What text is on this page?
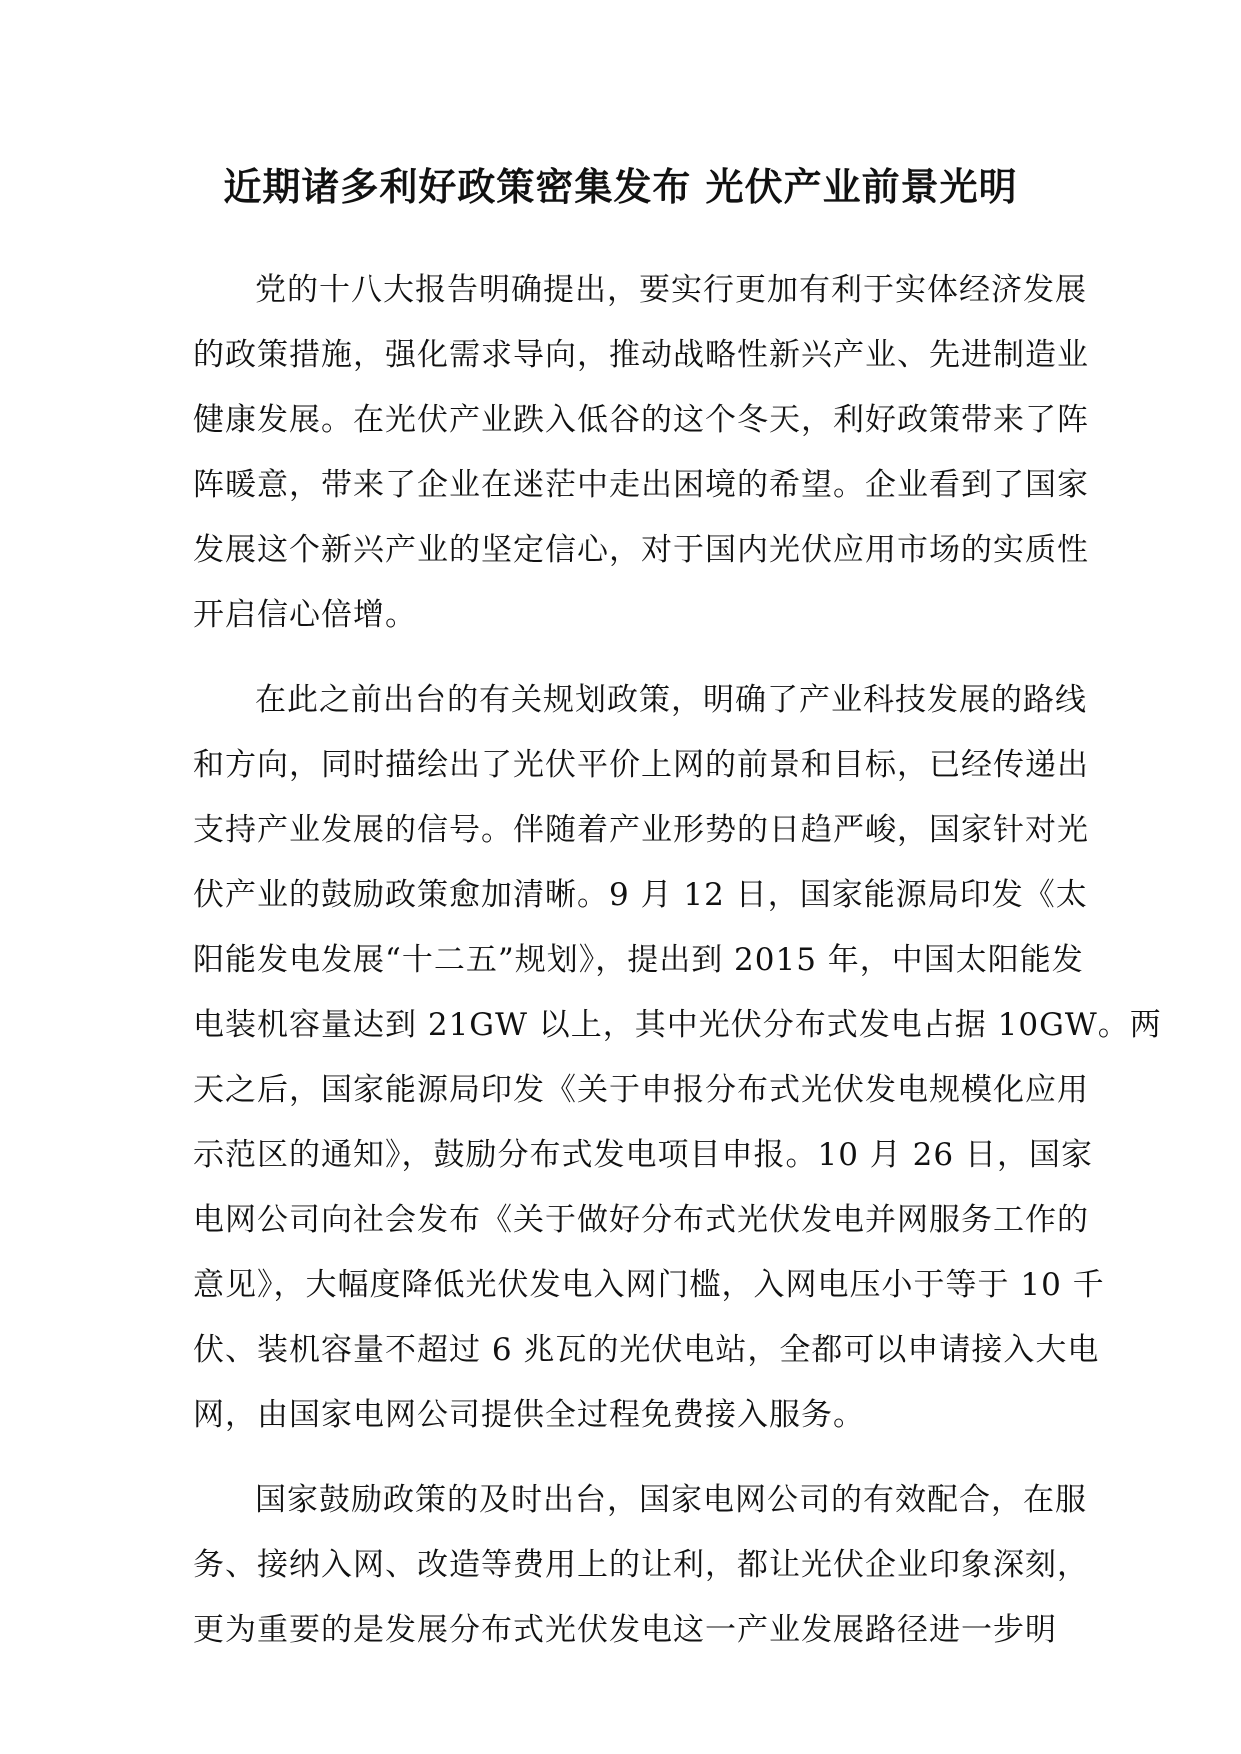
近期诸多利好政策密集发布 光伏产业前景光明
党的十八大报告明确提出，要实行更加有利于实体经济发展
的政策措施，强化需求导向，推动战略性新兴产业、先进制造业
健康发展。在光伏产业跌入低谷的这个冬天，利好政策带来了阵
阵暖意，带来了企业在迷茫中走出困境的希望。企业看到了国家
发展这个新兴产业的坚定信心，对于国内光伏应用市场的实质性
开启信心倍增。
在此之前出台的有关规划政策，明确了产业科技发展的路线
和方向，同时描绘出了光伏平价上网的前景和目标，已经传递出
支持产业发展的信号。伴随着产业形势的日趋严峻，国家针对光
伏产业的鼓励政策愈加清晰。9 月 12 日，国家能源局印发《太
阳能发电发展“十二五”规划》，提出到 2015 年，中国太阳能发
电装机容量达到 21GW 以上，其中光伏分布式发电占据 10GW。两
天之后，国家能源局印发《关于申报分布式光伏发电规模化应用
示范区的通知》，鼓励分布式发电项目申报。10 月 26 日，国家
电网公司向社会发布《关于做好分布式光伏发电并网服务工作的
意见》，大幅度降低光伏发电入网门槛，入网电压小于等于 10 千
伏、装机容量不超过 6 兆瓦的光伏电站，全都可以申请接入大电
网，由国家电网公司提供全过程免费接入服务。
国家鼓励政策的及时出台，国家电网公司的有效配合，在服
务、接纳入网、改造等费用上的让利，都让光伏企业印象深刻，
更为重要的是发展分布式光伏发电这一产业发展路径进一步明
